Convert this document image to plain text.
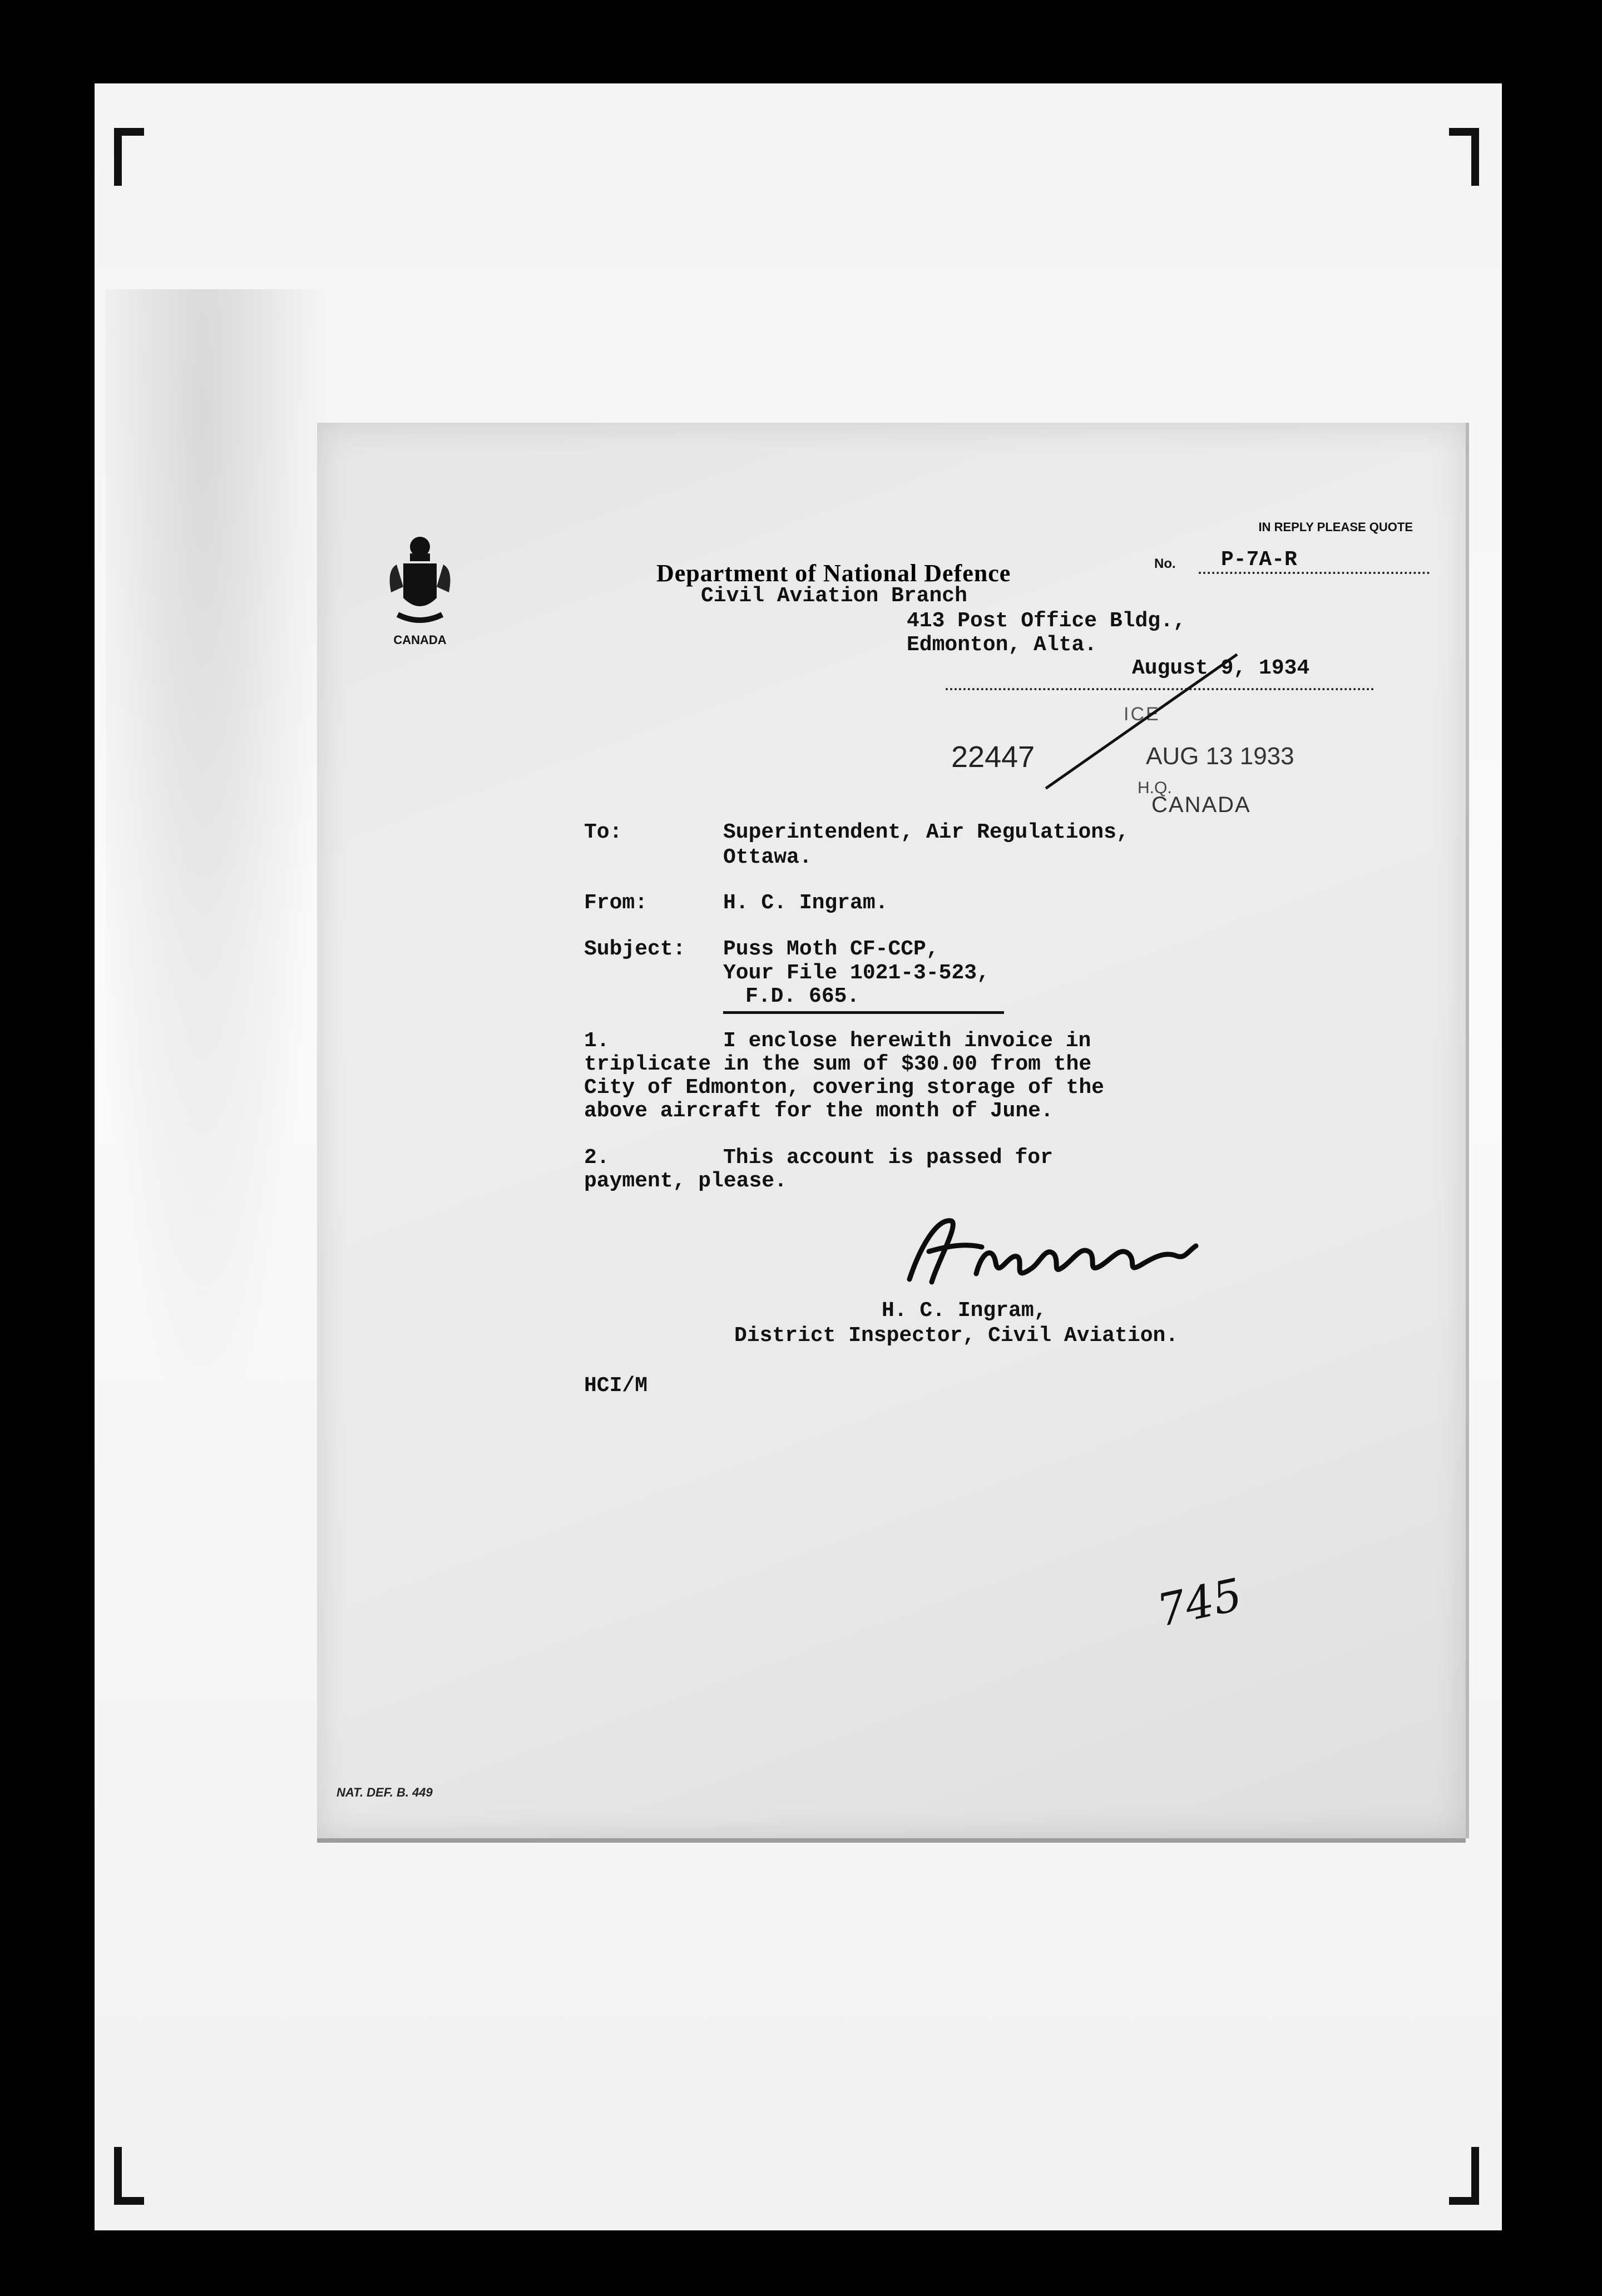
CANADA
IN REPLY PLEASE QUOTE
No.	P-7A-R
Department of National Defence
Civil Aviation Branch
413 Post Office Bldg.,
Edmonton, Alta.
August 9, 1934
22447
ICE
AUG 13 1933
H.Q.
CANADA
To:	Superintendent, Air Regulations,
Ottawa.
From:	H. C. Ingram.
Subject: Puss Moth CF-CCP,
Your File 1021-3-523,
F.D. 665.
1.	I enclose herewith invoice in
triplicate in the sum of $30.00 from the
City of Edmonton, covering storage of the
above aircraft for the month of June.
2.	This account is passed for
payment, please.
H. C. Ingram,
District Inspector, Civil Aviation.
HCI/M
745
NAT. DEF. B. 449
